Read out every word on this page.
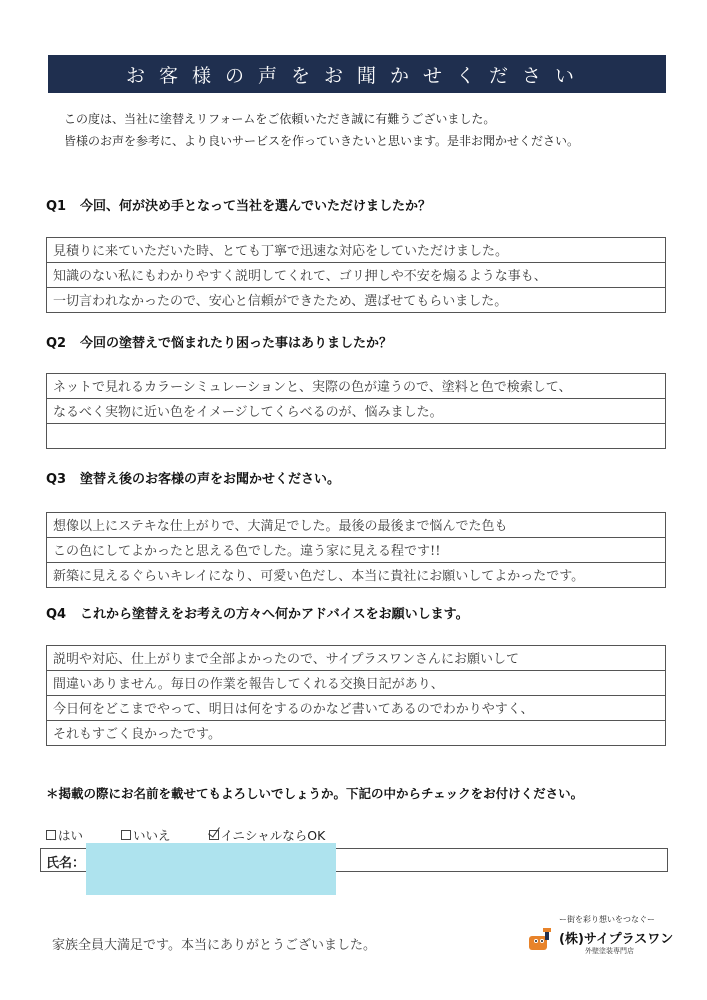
お客様の声をお聞かせください
この度は、当社に塗替えリフォームをご依頼いただき誠に有難うございました。
皆様のお声を参考に、より良いサービスを作っていきたいと思います。是非お聞かせください。
Q1 今回、何が決め手となって当社を選んでいただけましたか？
見積りに来ていただいた時、とても丁寧で迅速な対応をしていただけました。
知識のない私にもわかりやすく説明してくれて、ゴリ押しや不安を煽るような事も、
一切言われなかったので、安心と信頼ができたため、選ばせてもらいました。
Q2 今回の塗替えで悩まれたり困った事はありましたか？
ネットで見れるカラーシミュレーションと、実際の色が違うので、塗料と色で検索して、
なるべく実物に近い色をイメージしてくらべるのが、悩みました。
Q3 塗替え後のお客様の声をお聞かせください。
想像以上にステキな仕上がりで、大満足でした。最後の最後まで悩んでた色も
この色にしてよかったと思える色でした。違う家に見える程です!!
新築に見えるぐらいキレイになり、可愛い色だし、本当に貴社にお願いしてよかったです。
Q4 これから塗替えをお考えの方々へ何かアドバイスをお願いします。
説明や対応、仕上がりまで全部よかったので、サイプラスワンさんにお願いして
間違いありません。毎日の作業を報告してくれる交換日記があり、
今日何をどこまでやって、明日は何をするのかなど書いてあるのでわかりやすく、
それもすごく良かったです。
＊掲載の際にお名前を載せてもよろしいでしょうか。下記の中からチェックをお付けください。
はい	いいえ	イニシャルならOK
氏名：
家族全員大満足です。本当にありがとうございました。
ー街を彩り想いをつなぐー
(株)サイプラスワン
外壁塗装専門店
